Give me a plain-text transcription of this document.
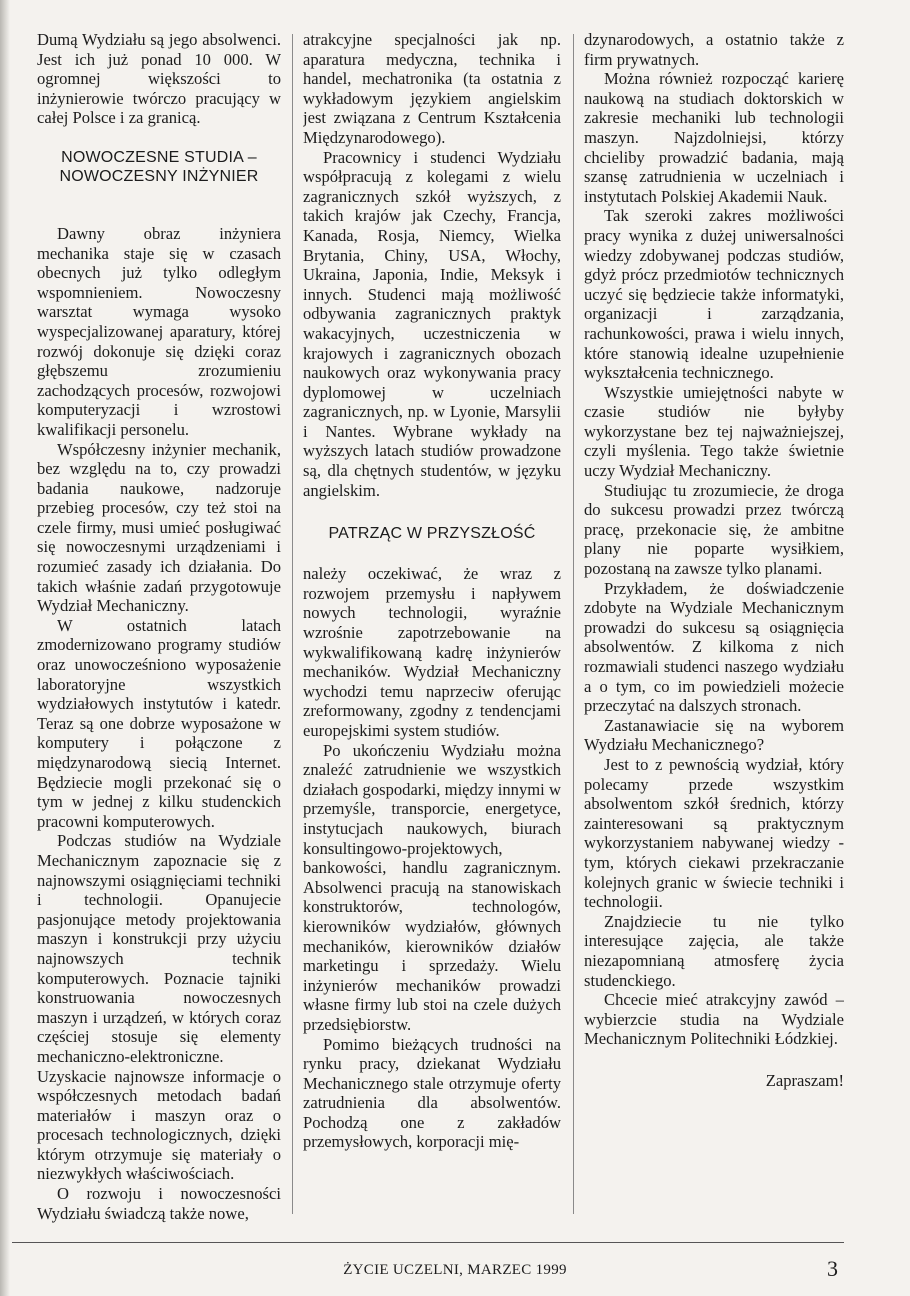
Dumą Wydziału są jego absolwenci. Jest ich już ponad 10 000. W ogromnej większości to inżynierowie twórczo pracujący w całej Polsce i za granicą.

NOWOCZESNE STUDIA –
NOWOCZESNY INŻYNIER

Dawny obraz inżyniera mechanika staje się w czasach obecnych już tylko odległym wspomnieniem. Nowoczesny warsztat wymaga wysoko wyspecjalizowanej aparatury, której rozwój dokonuje się dzięki coraz głębszemu zrozumieniu zachodzących procesów, rozwojowi komputeryzacji i wzrostowi kwalifikacji personelu.

Współczesny inżynier mechanik, bez względu na to, czy prowadzi badania naukowe, nadzoruje przebieg procesów, czy też stoi na czele firmy, musi umieć posługiwać się nowoczesnymi urządzeniami i rozumieć zasady ich działania. Do takich właśnie zadań przygotowuje Wydział Mechaniczny.

W ostatnich latach zmodernizowano programy studiów oraz unowocześniono wyposażenie laboratoryjne wszystkich wydziałowych instytutów i katedr. Teraz są one dobrze wyposażone w komputery i połączone z międzynarodową siecią Internet. Będziecie mogli przekonać się o tym w jednej z kilku studenckich pracowni komputerowych.

Podczas studiów na Wydziale Mechanicznym zapoznacie się z najnowszymi osiągnięciami techniki i technologii. Opanujecie pasjonujące metody projektowania maszyn i konstrukcji przy użyciu najnowszych technik komputerowych. Poznacie tajniki konstruowania nowoczesnych maszyn i urządzeń, w których coraz częściej stosuje się elementy mechaniczno-elektroniczne. Uzyskacie najnowsze informacje o współczesnych metodach badań materiałów i maszyn oraz o procesach technologicznych, dzięki którym otrzymuje się materiały o niezwykłych właściwościach.

O rozwoju i nowoczesności Wydziału świadczą także nowe,

atrakcyjne specjalności jak np. aparatura medyczna, technika i handel, mechatronika (ta ostatnia z wykładowym językiem angielskim jest związana z Centrum Kształcenia Międzynarodowego).

Pracownicy i studenci Wydziału współpracują z kolegami z wielu zagranicznych szkół wyższych, z takich krajów jak Czechy, Francja, Kanada, Rosja, Niemcy, Wielka Brytania, Chiny, USA, Włochy, Ukraina, Japonia, Indie, Meksyk i innych. Studenci mają możliwość odbywania zagranicznych praktyk wakacyjnych, uczestniczenia w krajowych i zagranicznych obozach naukowych oraz wykonywania pracy dyplomowej w uczelniach zagranicznych, np. w Lyonie, Marsylii i Nantes. Wybrane wykłady na wyższych latach studiów prowadzone są, dla chętnych studentów, w języku angielskim.

PATRZĄC W PRZYSZŁOŚĆ

należy oczekiwać, że wraz z rozwojem przemysłu i napływem nowych technologii, wyraźnie wzrośnie zapotrzebowanie na wykwalifikowaną kadrę inżynierów mechaników. Wydział Mechaniczny wychodzi temu naprzeciw oferując zreformowany, zgodny z tendencjami europejskimi system studiów.

Po ukończeniu Wydziału można znaleźć zatrudnienie we wszystkich działach gospodarki, między innymi w przemyśle, transporcie, energetyce, instytucjach naukowych, biurach konsultingowo-projektowych, bankowości, handlu zagranicznym. Absolwenci pracują na stanowiskach konstruktorów, technologów, kierowników wydziałów, głównych mechaników, kierowników działów marketingu i sprzedaży. Wielu inżynierów mechaników prowadzi własne firmy lub stoi na czele dużych przedsiębiorstw.

Pomimo bieżących trudności na rynku pracy, dziekanat Wydziału Mechanicznego stale otrzymuje oferty zatrudnienia dla absolwentów. Pochodzą one z zakładów przemysłowych, korporacji mię-

dzynarodowych, a ostatnio także z firm prywatnych.

Można również rozpocząć karierę naukową na studiach doktorskich w zakresie mechaniki lub technologii maszyn. Najzdolniejsi, którzy chcieliby prowadzić badania, mają szansę zatrudnienia w uczelniach i instytutach Polskiej Akademii Nauk.

Tak szeroki zakres możliwości pracy wynika z dużej uniwersalności wiedzy zdobywanej podczas studiów, gdyż prócz przedmiotów technicznych uczyć się będziecie także informatyki, organizacji i zarządzania, rachunkowości, prawa i wielu innych, które stanowią idealne uzupełnienie wykształcenia technicznego.

Wszystkie umiejętności nabyte w czasie studiów nie byłyby wykorzystane bez tej najważniejszej, czyli myślenia. Tego także świetnie uczy Wydział Mechaniczny.

Studiując tu zrozumiecie, że droga do sukcesu prowadzi przez twórczą pracę, przekonacie się, że ambitne plany nie poparte wysiłkiem, pozostaną na zawsze tylko planami.

Przykładem, że doświadczenie zdobyte na Wydziale Mechanicznym prowadzi do sukcesu są osiągnięcia absolwentów. Z kilkoma z nich rozmawiali studenci naszego wydziału a o tym, co im powiedzieli możecie przeczytać na dalszych stronach.

Zastanawiacie się na wyborem Wydziału Mechanicznego?

Jest to z pewnością wydział, który polecamy przede wszystkim absolwentom szkół średnich, którzy zainteresowani są praktycznym wykorzystaniem nabywanej wiedzy - tym, których ciekawi przekraczanie kolejnych granic w świecie techniki i technologii.

Znajdziecie tu nie tylko interesujące zajęcia, ale także niezapomnianą atmosferę życia studenckiego.

Chcecie mieć atrakcyjny zawód – wybierzcie studia na Wydziale Mechanicznym Politechniki Łódzkiej.

Zapraszam!

ŻYCIE UCZELNI, MARZEC 1999	3
